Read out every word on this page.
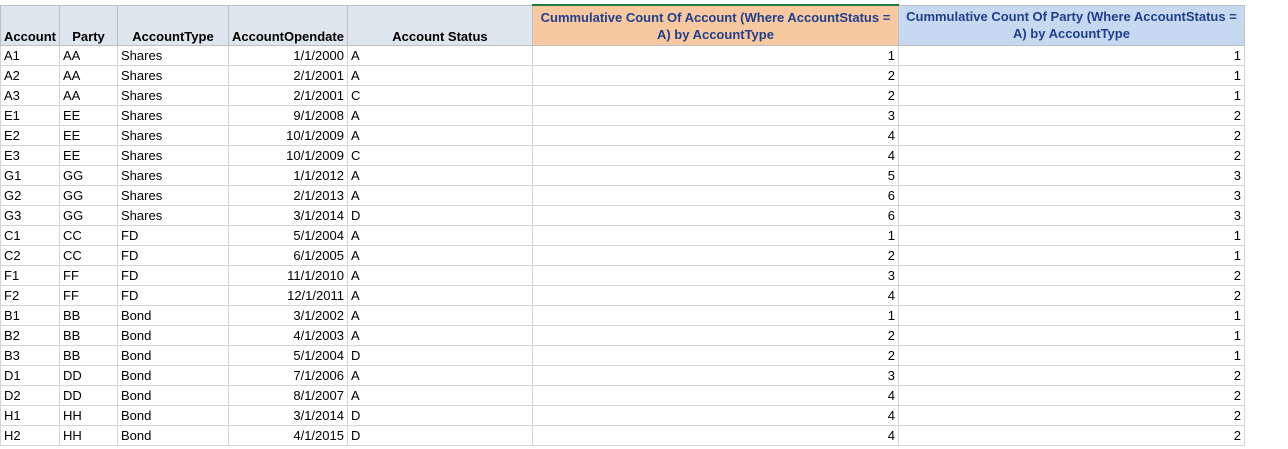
Account	Party	AccountType	AccountOpendate	Account Status	Cummulative Count Of Account (Where AccountStatus = A) by AccountType	Cummulative Count Of Party (Where AccountStatus = A) by AccountType
A1	AA	Shares	1/1/2000	A	1	1
A2	AA	Shares	2/1/2001	A	2	1
A3	AA	Shares	2/1/2001	C	2	1
E1	EE	Shares	9/1/2008	A	3	2
E2	EE	Shares	10/1/2009	A	4	2
E3	EE	Shares	10/1/2009	C	4	2
G1	GG	Shares	1/1/2012	A	5	3
G2	GG	Shares	2/1/2013	A	6	3
G3	GG	Shares	3/1/2014	D	6	3
C1	CC	FD	5/1/2004	A	1	1
C2	CC	FD	6/1/2005	A	2	1
F1	FF	FD	11/1/2010	A	3	2
F2	FF	FD	12/1/2011	A	4	2
B1	BB	Bond	3/1/2002	A	1	1
B2	BB	Bond	4/1/2003	A	2	1
B3	BB	Bond	5/1/2004	D	2	1
D1	DD	Bond	7/1/2006	A	3	2
D2	DD	Bond	8/1/2007	A	4	2
H1	HH	Bond	3/1/2014	D	4	2
H2	HH	Bond	4/1/2015	D	4	2
